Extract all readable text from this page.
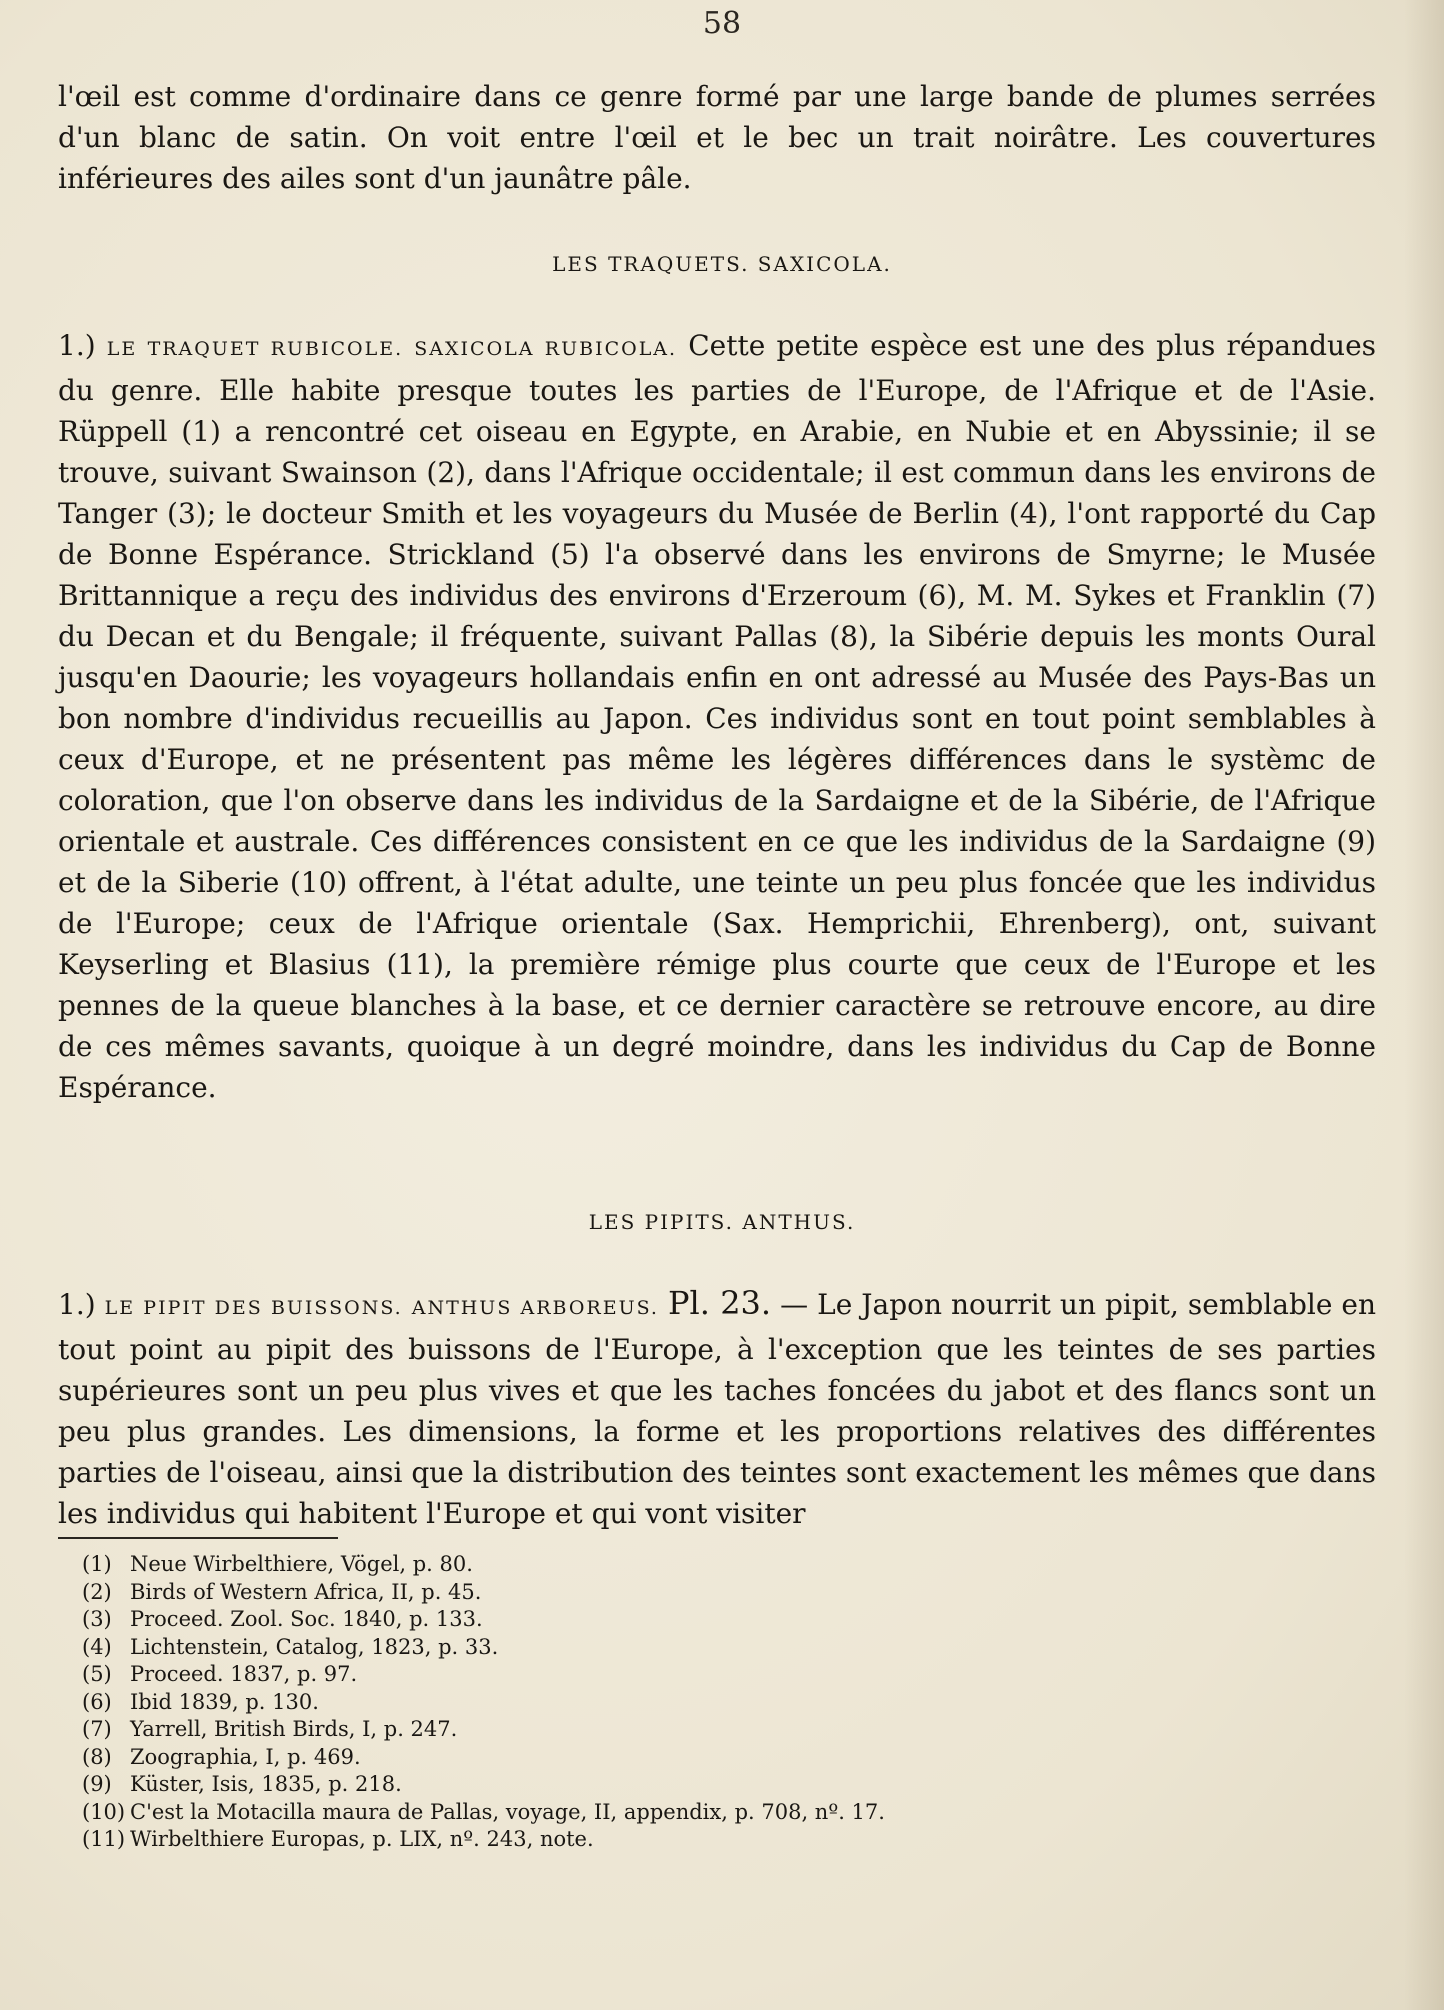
58

l'œil est comme d'ordinaire dans ce genre formé par une large bande de plumes serrées d'un blanc de satin. On voit entre l'œil et le bec un trait noirâtre. Les couvertures inférieures des ailes sont d'un jaunâtre pâle.

LES TRAQUETS. SAXICOLA.

1.) LE TRAQUET RUBICOLE. SAXICOLA RUBICOLA. Cette petite espèce est une des plus répandues du genre. Elle habite presque toutes les parties de l'Europe, de l'Afrique et de l'Asie. Rüppell (1) a rencontré cet oiseau en Egypte, en Arabie, en Nubie et en Abyssinie; il se trouve, suivant Swainson (2), dans l'Afrique occidentale; il est commun dans les environs de Tanger (3); le docteur Smith et les voyageurs du Musée de Berlin (4), l'ont rapporté du Cap de Bonne Espérance. Strickland (5) l'a observé dans les environs de Smyrne; le Musée Brittannique a reçu des individus des environs d'Erzeroum (6), M. M. Sykes et Franklin (7) du Decan et du Bengale; il fréquente, suivant Pallas (8), la Sibérie depuis les monts Oural jusqu'en Daourie; les voyageurs hollandais enfin en ont adressé au Musée des Pays-Bas un bon nombre d'individus recueillis au Japon. Ces individus sont en tout point semblables à ceux d'Europe, et ne présentent pas même les légères différences dans le systèmc de coloration, que l'on observe dans les individus de la Sardaigne et de la Sibérie, de l'Afrique orientale et australe. Ces différences consistent en ce que les individus de la Sardaigne (9) et de la Siberie (10) offrent, à l'état adulte, une teinte un peu plus foncée que les individus de l'Europe; ceux de l'Afrique orientale (Sax. Hemprichii, Ehrenberg), ont, suivant Keyserling et Blasius (11), la première rémige plus courte que ceux de l'Europe et les pennes de la queue blanches à la base, et ce dernier caractère se retrouve encore, au dire de ces mêmes savants, quoique à un degré moindre, dans les individus du Cap de Bonne Espérance.

LES PIPITS. ANTHUS.

1.) LE PIPIT DES BUISSONS. ANTHUS ARBOREUS. Pl. 23. — Le Japon nourrit un pipit, semblable en tout point au pipit des buissons de l'Europe, à l'exception que les teintes de ses parties supérieures sont un peu plus vives et que les taches foncées du jabot et des flancs sont un peu plus grandes. Les dimensions, la forme et les proportions relatives des différentes parties de l'oiseau, ainsi que la distribution des teintes sont exactement les mêmes que dans les individus qui habitent l'Europe et qui vont visiter

(1) Neue Wirbelthiere, Vögel, p. 80.
(2) Birds of Western Africa, II, p. 45.
(3) Proceed. Zool. Soc. 1840, p. 133.
(4) Lichtenstein, Catalog, 1823, p. 33.
(5) Proceed. 1837, p. 97.
(6) Ibid 1839, p. 130.
(7) Yarrell, British Birds, I, p. 247.
(8) Zoographia, I, p. 469.
(9) Küster, Isis, 1835, p. 218.
(10) C'est la Motacilla maura de Pallas, voyage, II, appendix, p. 708, nº. 17.
(11) Wirbelthiere Europas, p. LIX, nº. 243, note.
